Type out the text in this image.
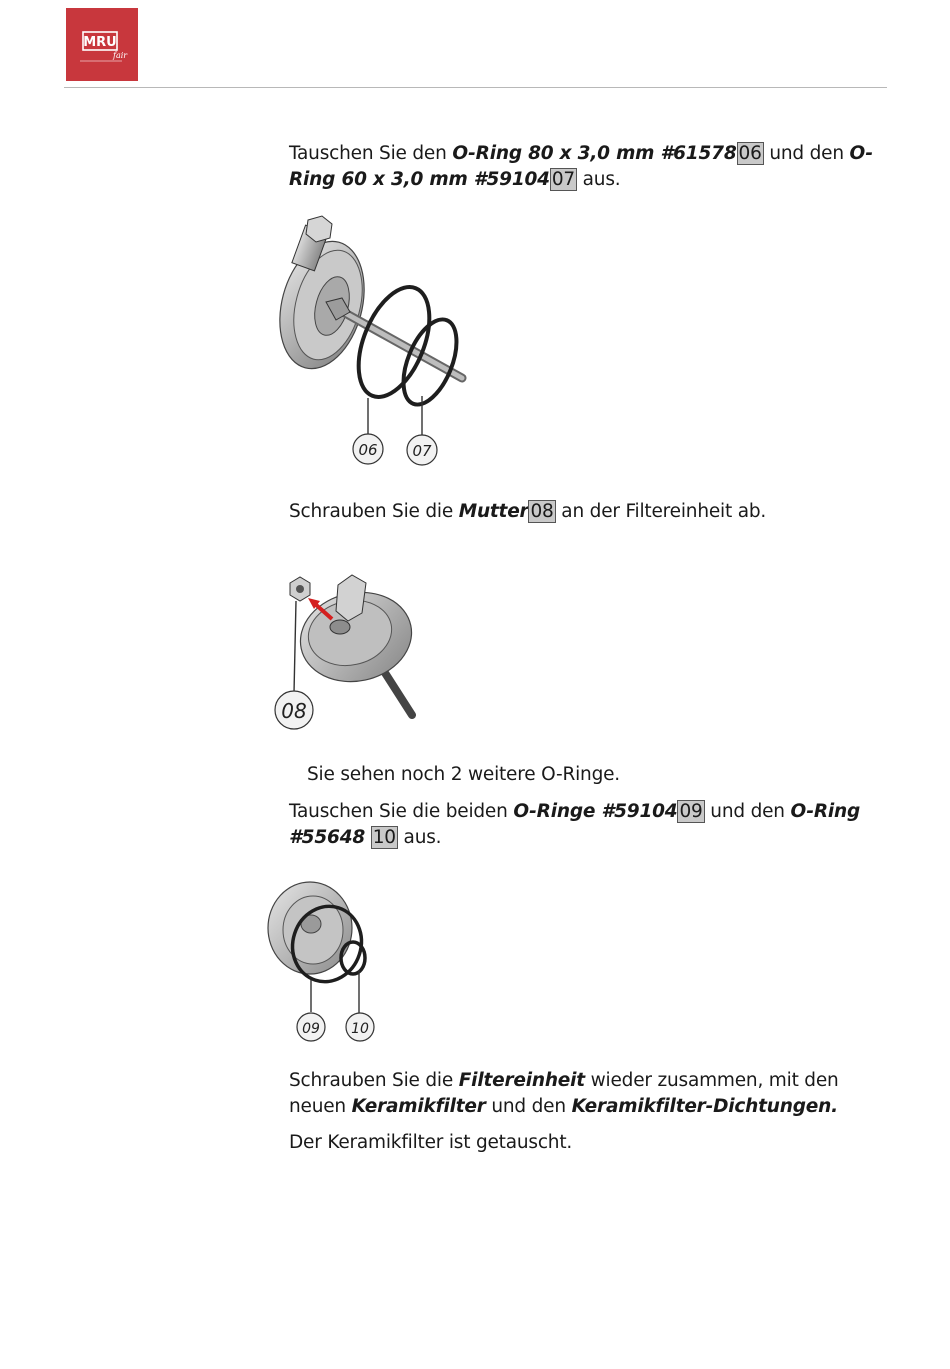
MRU
fair
Tauschen Sie den O-Ring 80 x 3,0 mm #61578 06 und den O-Ring 60 x 3,0 mm #59104 07 aus.
Schrauben Sie die Mutter 08 an der Filtereinheit ab.
Sie sehen noch 2 weitere O-Ringe.
Tauschen Sie die beiden O-Ringe #59104 09 und den O-Ring #55648 10 aus.
Schrauben Sie die Filtereinheit wieder zusammen, mit den neuen Keramikfilter und den Keramikfilter-Dichtungen.
Der Keramikfilter ist getauscht.
06 07
08
09 10
